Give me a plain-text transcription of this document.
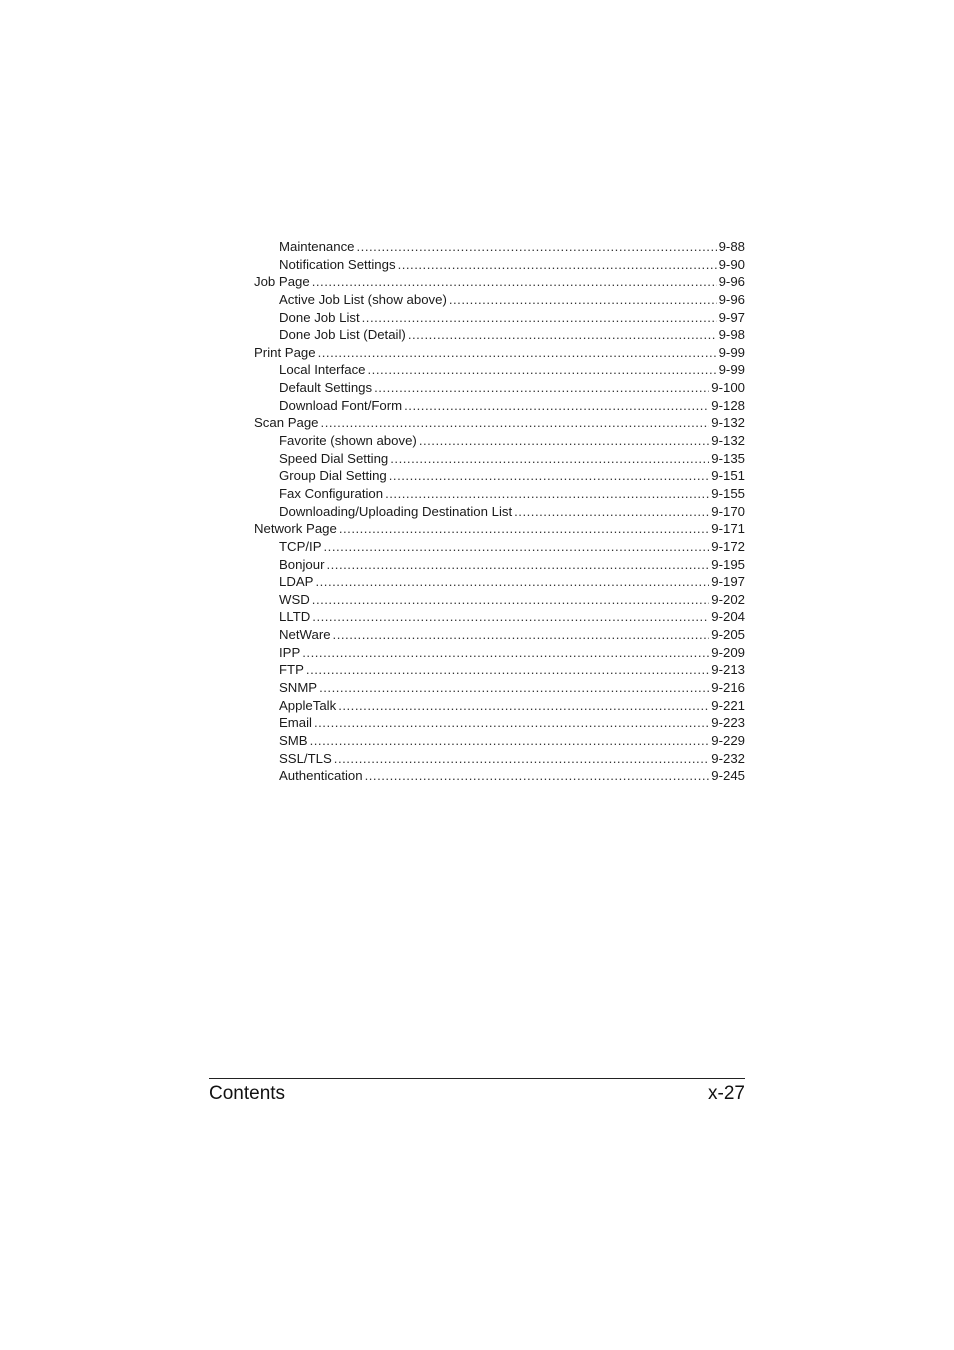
Maintenance .....	9-88
Notification Settings .....	9-90
Job Page .....	9-96
Active Job List (show above) .....	9-96
Done Job List .....	9-97
Done Job List (Detail) .....	9-98
Print Page .....	9-99
Local Interface .....	9-99
Default Settings .....	9-100
Download Font/Form .....	9-128
Scan Page .....	9-132
Favorite (shown above) .....	9-132
Speed Dial Setting .....	9-135
Group Dial Setting .....	9-151
Fax Configuration .....	9-155
Downloading/Uploading Destination List .....	9-170
Network Page .....	9-171
TCP/IP .....	9-172
Bonjour .....	9-195
LDAP .....	9-197
WSD .....	9-202
LLTD .....	9-204
NetWare .....	9-205
IPP .....	9-209
FTP .....	9-213
SNMP .....	9-216
AppleTalk .....	9-221
Email .....	9-223
SMB .....	9-229
SSL/TLS .....	9-232
Authentication .....	9-245
Contents	x-27
